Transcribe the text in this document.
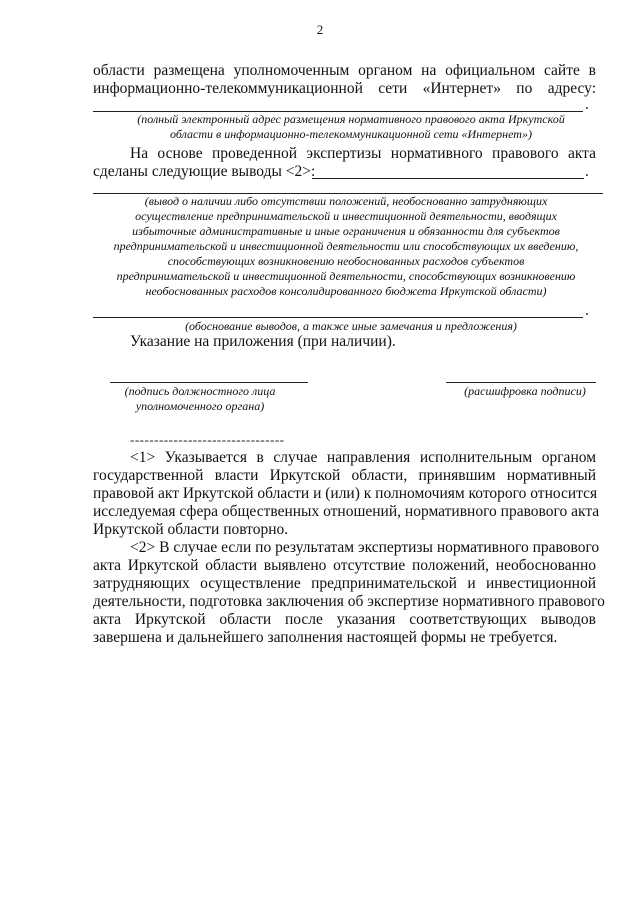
2
области размещена уполномоченным органом на официальном сайте в
информационно-телекоммуникационной сети «Интернет» по адресу:
.
(полный электронный адрес размещения нормативного правового акта Иркутской
области в информационно-телекоммуникационной сети «Интернет»)
На основе проведенной экспертизы нормативного правового акта
сделаны следующие выводы <2>:	.
(вывод о наличии либо отсутствии положений, необоснованно затрудняющих
осуществление предпринимательской и инвестиционной деятельности, вводящих
избыточные административные и иные ограничения и обязанности для субъектов
предпринимательской и инвестиционной деятельности или способствующих их введению,
способствующих возникновению необоснованных расходов субъектов
предпринимательской и инвестиционной деятельности, способствующих возникновению
необоснованных расходов консолидированного бюджета Иркутской области)
.
(обоснование выводов, а также иные замечания и предложения)
Указание на приложения (при наличии).
(подпись должностного лица
уполномоченного органа)
(расшифровка подписи)
--------------------------------
<1> Указывается в случае направления исполнительным органом
государственной власти Иркутской области, принявшим нормативный
правовой акт Иркутской области и (или) к полномочиям которого относится
исследуемая сфера общественных отношений, нормативного правового акта
Иркутской области повторно.
<2> В случае если по результатам экспертизы нормативного правового
акта Иркутской области выявлено отсутствие положений, необоснованно
затрудняющих осуществление предпринимательской и инвестиционной
деятельности, подготовка заключения об экспертизе нормативного правового
акта Иркутской области после указания соответствующих выводов
завершена и дальнейшего заполнения настоящей формы не требуется.
